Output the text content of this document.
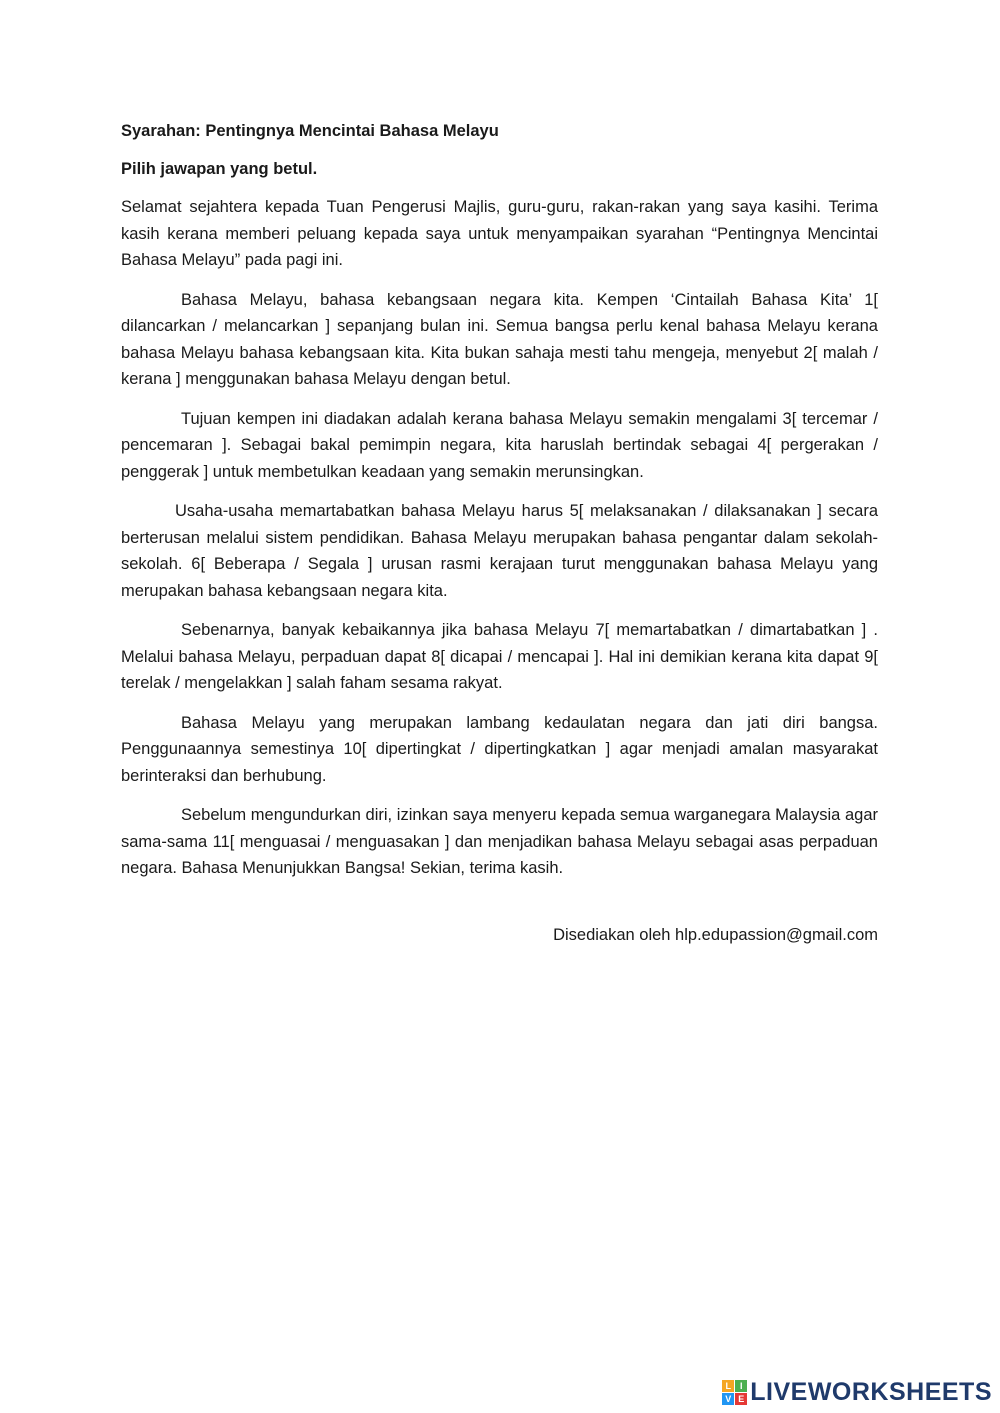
Syarahan: Pentingnya Mencintai Bahasa Melayu
Pilih jawapan yang betul.

Selamat sejahtera kepada Tuan Pengerusi Majlis, guru-guru, rakan-rakan yang saya kasihi. Terima kasih kerana memberi peluang kepada saya untuk menyampaikan syarahan “Pentingnya Mencintai Bahasa Melayu” pada pagi ini.

Bahasa Melayu, bahasa kebangsaan negara kita. Kempen ‘Cintailah Bahasa Kita’ 1[ dilancarkan / melancarkan ] sepanjang bulan ini. Semua bangsa perlu kenal bahasa Melayu kerana bahasa Melayu bahasa kebangsaan kita. Kita bukan sahaja mesti tahu mengeja, menyebut 2[ malah / kerana ] menggunakan bahasa Melayu dengan betul.

Tujuan kempen ini diadakan adalah kerana bahasa Melayu semakin mengalami 3[ tercemar / pencemaran ]. Sebagai bakal pemimpin negara, kita haruslah bertindak sebagai 4[ pergerakan / penggerak ] untuk membetulkan keadaan yang semakin merunsingkan.

Usaha-usaha memartabatkan bahasa Melayu harus 5[ melaksanakan / dilaksanakan ] secara berterusan melalui sistem pendidikan. Bahasa Melayu merupakan bahasa pengantar dalam sekolah-sekolah. 6[ Beberapa / Segala ] urusan rasmi kerajaan turut menggunakan bahasa Melayu yang merupakan bahasa kebangsaan negara kita.

Sebenarnya, banyak kebaikannya jika bahasa Melayu 7[ memartabatkan / dimartabatkan ] . Melalui bahasa Melayu, perpaduan dapat 8[ dicapai / mencapai ]. Hal ini demikian kerana kita dapat 9[ terelak / mengelakkan ] salah faham sesama rakyat.

Bahasa Melayu yang merupakan lambang kedaulatan negara dan jati diri bangsa. Penggunaannya semestinya 10[ dipertingkat / dipertingkatkan ] agar menjadi amalan masyarakat berinteraksi dan berhubung.

Sebelum mengundurkan diri, izinkan saya menyeru kepada semua warganegara Malaysia agar sama-sama 11[ menguasai / menguasakan ] dan menjadikan bahasa Melayu sebagai asas perpaduan negara. Bahasa Menunjukkan Bangsa! Sekian, terima kasih.

Disediakan oleh hlp.edupassion@gmail.com
L I
V E LIVEWORKSHEETS
